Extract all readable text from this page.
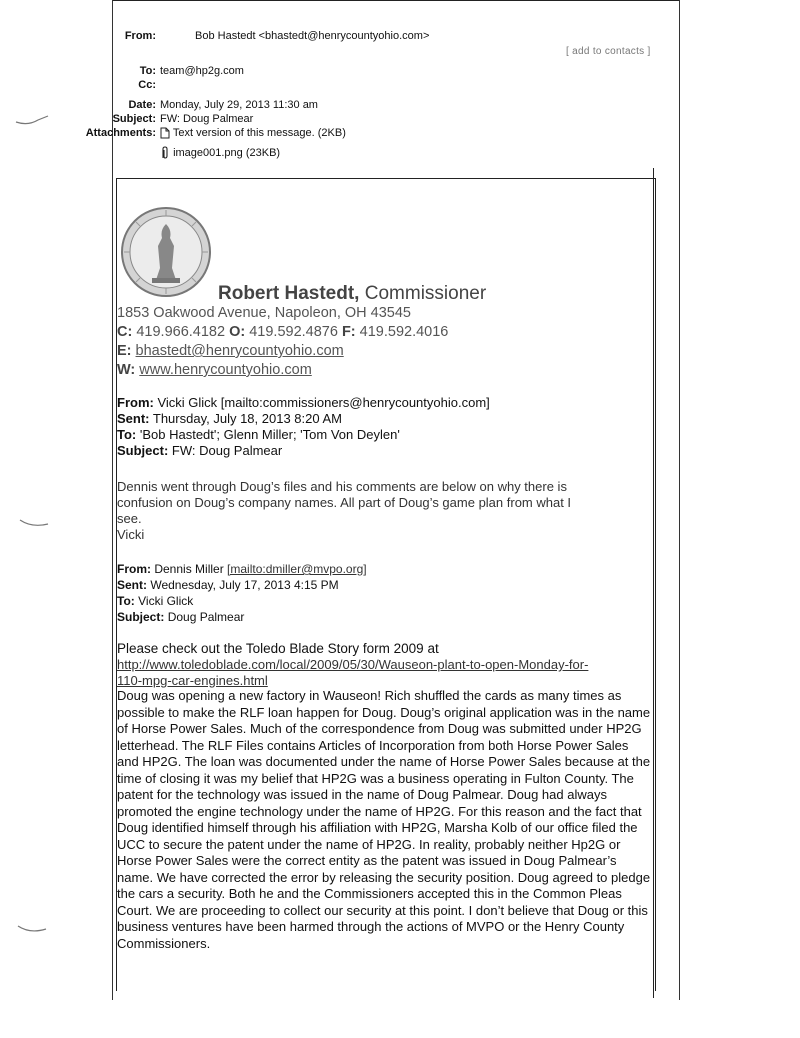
From:	Bob Hastedt <bhastedt@henrycountyohio.com>
To: team@hp2g.com
Cc:
Date: Monday, July 29, 2013 11:30 am
Subject: FW: Doug Palmear
Attachments:	Text version of this message. (2KB)
image001.png (23KB)
[ add to contacts ]
Robert Hastedt, Commissioner
1853 Oakwood Avenue, Napoleon, OH 43545
C: 419.966.4182 O: 419.592.4876 F: 419.592.4016
E: bhastedt@henrycountyohio.com
W: www.henrycountyohio.com
From: Vicki Glick [mailto:commissioners@henrycountyohio.com]
Sent: Thursday, July 18, 2013 8:20 AM
To: 'Bob Hastedt'; Glenn Miller; 'Tom Von Deylen'
Subject: FW: Doug Palmear
Dennis went through Doug’s files and his comments are below on why there is
confusion on Doug’s company names. All part of Doug’s game plan from what I
see.
Vicki
From: Dennis Miller [mailto:dmiller@mvpo.org]
Sent: Wednesday, July 17, 2013 4:15 PM
To: Vicki Glick
Subject: Doug Palmear
Please check out the Toledo Blade Story form 2009 at
http://www.toledoblade.com/local/2009/05/30/Wauseon-plant-to-open-Monday-for-
110-mpg-car-engines.html
Doug was opening a new factory in Wauseon! Rich shuffled the cards as many times as possible to make the RLF loan happen for Doug. Doug’s original application was in the name of Horse Power Sales. Much of the correspondence from Doug was submitted under HP2G letterhead. The RLF Files contains Articles of Incorporation from both Horse Power Sales and HP2G. The loan was documented under the name of Horse Power Sales because at the time of closing it was my belief that HP2G was a business operating in Fulton County. The patent for the technology was issued in the name of Doug Palmear. Doug had always promoted the engine technology under the name of HP2G. For this reason and the fact that Doug identified himself through his affiliation with HP2G, Marsha Kolb of our office filed the UCC to secure the patent under the name of HP2G. In reality, probably neither Hp2G or Horse Power Sales were the correct entity as the patent was issued in Doug Palmear’s name. We have corrected the error by releasing the security position. Doug agreed to pledge the cars a security. Both he and the Commissioners accepted this in the Common Pleas Court. We are proceeding to collect our security at this point. I don’t believe that Doug or this business ventures have been harmed through the actions of MVPO or the Henry County Commissioners.
